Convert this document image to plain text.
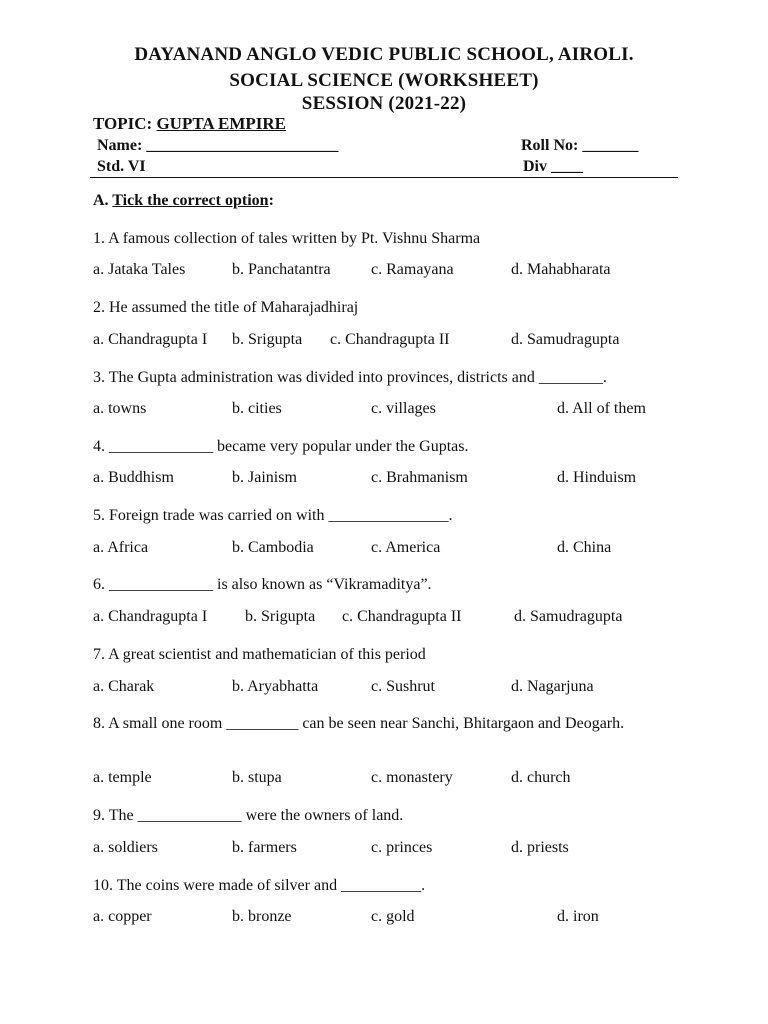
DAYANAND ANGLO VEDIC PUBLIC SCHOOL, AIROLI.
SOCIAL SCIENCE (WORKSHEET)
SESSION (2021-22)
TOPIC: GUPTA EMPIRE
Name: ________________________	Roll No: _______
Std. VI	Div ____
A. Tick the correct option:
1. A famous collection of tales written by Pt. Vishnu Sharma
a. Jataka Tales	b. Panchatantra	c. Ramayana	d. Mahabharata
2. He assumed the title of Maharajadhiraj
a. Chandragupta I b. Srigupta c. Chandragupta II	d. Samudragupta
3. The Gupta administration was divided into provinces, districts and ________.
a. towns	b. cities	c. villages	d. All of them
4. _____________ became very popular under the Guptas.
a. Buddhism	b. Jainism	c. Brahmanism	d. Hinduism
5. Foreign trade was carried on with _______________.
a. Africa	b. Cambodia	c. America	d. China
6. _____________ is also known as “Vikramaditya”.
a. Chandragupta I b. Srigupta c. Chandragupta II	d. Samudragupta
7. A great scientist and mathematician of this period
a. Charak	b. Aryabhatta	c. Sushrut	d. Nagarjuna
8. A small one room _________ can be seen near Sanchi, Bhitargaon and Deogarh.
a. temple	b. stupa	c. monastery	d. church
9. The _____________ were the owners of land.
a. soldiers	b. farmers	c. princes	d. priests
10. The coins were made of silver and __________.
a. copper	b. bronze	c. gold	d. iron
